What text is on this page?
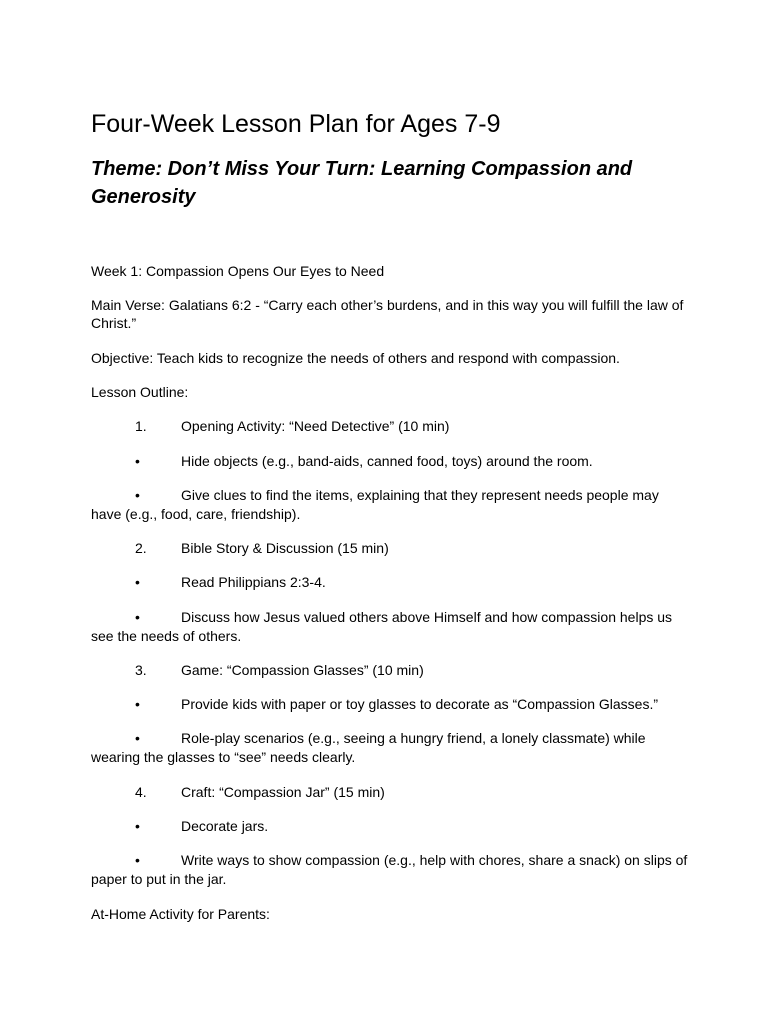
Four-Week Lesson Plan for Ages 7-9
Theme: Don’t Miss Your Turn: Learning Compassion and Generosity

Week 1: Compassion Opens Our Eyes to Need

Main Verse: Galatians 6:2 - “Carry each other’s burdens, and in this way you will fulfill the law of Christ.”

Objective: Teach kids to recognize the needs of others and respond with compassion.

Lesson Outline:

1.	Opening Activity: “Need Detective” (10 min)

•	Hide objects (e.g., band-aids, canned food, toys) around the room.

•	Give clues to find the items, explaining that they represent needs people may have (e.g., food, care, friendship).

2.	Bible Story & Discussion (15 min)

•	Read Philippians 2:3-4.

•	Discuss how Jesus valued others above Himself and how compassion helps us see the needs of others.

3.	Game: “Compassion Glasses” (10 min)

•	Provide kids with paper or toy glasses to decorate as “Compassion Glasses.”

•	Role-play scenarios (e.g., seeing a hungry friend, a lonely classmate) while wearing the glasses to “see” needs clearly.

4.	Craft: “Compassion Jar” (15 min)

•	Decorate jars.

•	Write ways to show compassion (e.g., help with chores, share a snack) on slips of paper to put in the jar.

At-Home Activity for Parents:
